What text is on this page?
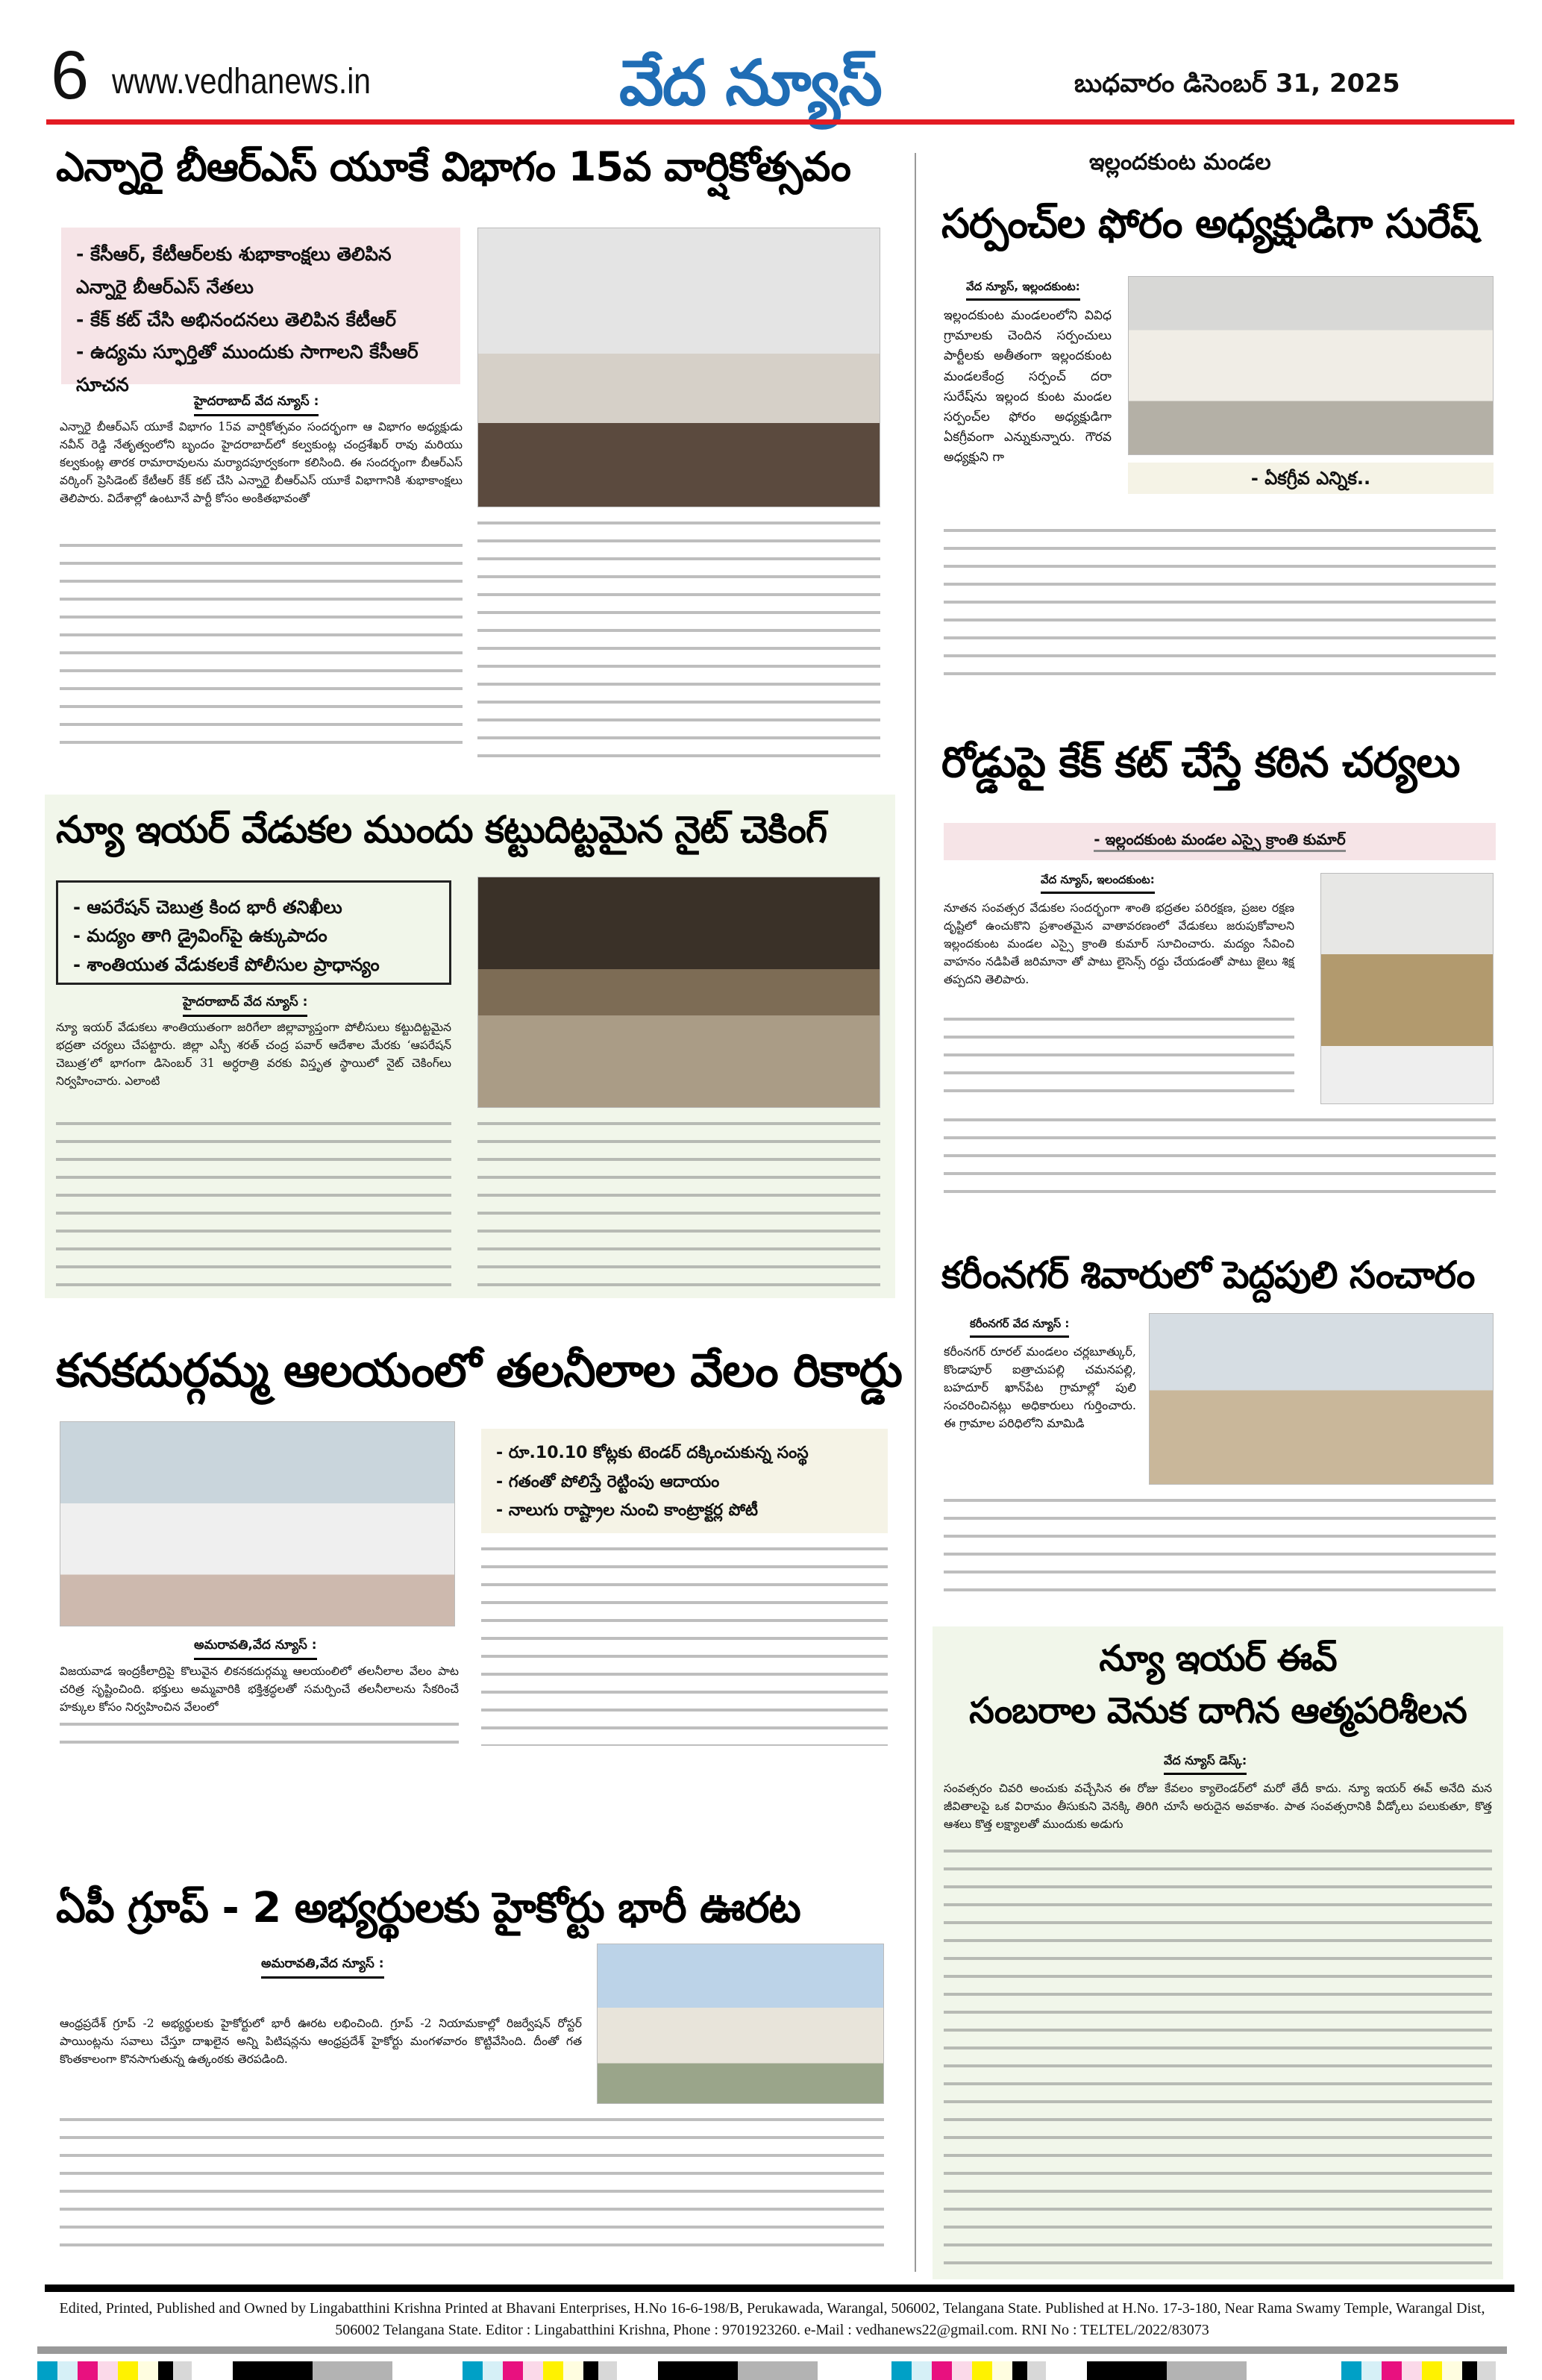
6 www.vedhanews.in	వేద న్యూస్	బుధవారం డిసెంబర్ 31, 2025
ఎన్నారై బీఆర్ఎస్ యూకే విభాగం 15వ వార్షికోత్సవం
- కేసీఆర్, కేటీఆర్‌లకు శుభాకాంక్షలు తెలిపిన ఎన్నారై బీఆర్ఎస్ నేతలు
- కేక్ కట్ చేసి అభినందనలు తెలిపిన కేటీఆర్
- ఉద్యమ స్ఫూర్తితో ముందుకు సాగాలని కేసీఆర్ సూచన
హైదరాబాద్ వేద న్యూస్ :
ఎన్నారై బీఆర్ఎస్ యూకే విభాగం 15వ వార్షికోత్సవం సందర్భంగా ఆ విభాగం అధ్యక్షుడు నవీన్ రెడ్డి నేతృత్వంలోని బృందం హైదరాబాద్‌లో కల్వకుంట్ల చంద్రశేఖర్ రావు మరియు కల్వకుంట్ల తారక రామారావులను మర్యాదపూర్వకంగా కలిసింది. ఈ సందర్భంగా బీఆర్ఎస్ వర్కింగ్ ప్రెసిడెంట్ కేటీఆర్ కేక్ కట్ చేసి ఎన్నారై బీఆర్ఎస్ యూకే విభాగానికి శుభాకాంక్షలు తెలిపారు. విదేశాల్లో ఉంటూనే పార్టీ కోసం అంకితభావంతో
న్యూ ఇయర్ వేడుకల ముందు కట్టుదిట్టమైన నైట్ చెకింగ్
- ఆపరేషన్ చెబుత్ర కింద భారీ తనిఖీలు
- మద్యం తాగి డ్రైవింగ్‌పై ఉక్కుపాదం
- శాంతియుత వేడుకలకే పోలీసుల ప్రాధాన్యం
హైదరాబాద్ వేద న్యూస్ :
న్యూ ఇయర్ వేడుకలు శాంతియుతంగా జరిగేలా జిల్లావ్యాప్తంగా పోలీసులు కట్టుదిట్టమైన భద్రతా చర్యలు చేపట్టారు. జిల్లా ఎస్పీ శరత్ చంద్ర పవార్ ఆదేశాల మేరకు ‘ఆపరేషన్ చెబుత్ర’లో భాగంగా డిసెంబర్ 31 అర్ధరాత్రి వరకు విస్తృత స్థాయిలో నైట్ చెకింగ్‌లు నిర్వహించారు. ఎలాంటి
కనకదుర్గమ్మ ఆలయంలో తలనీలాల వేలం రికార్డు
- రూ.10.10 కోట్లకు టెండర్ దక్కించుకున్న సంస్థ
- గతంతో పోలిస్తే రెట్టింపు ఆదాయం
- నాలుగు రాష్ట్రాల నుంచి కాంట్రాక్టర్ల పోటీ
అమరావతి,వేద న్యూస్ :
విజయవాడ ఇంద్రకీలాద్రిపై కొలువైన లికనకదుర్గమ్మ ఆలయంలిలో తలనీలాల వేలం పాట చరిత్ర సృష్టించింది. భక్తులు అమ్మవారికి భక్తిశ్రద్ధలతో సమర్పించే తలనీలాలను సేకరించే హక్కుల కోసం నిర్వహించిన వేలంలో
ఏపీ గ్రూప్ - 2 అభ్యర్థులకు హైకోర్టు భారీ ఊరట
అమరావతి,వేద న్యూస్ :
ఆంధ్రప్రదేశ్ గ్రూప్ -2 అభ్యర్థులకు హైకోర్టులో భారీ ఊరట లభించింది. గ్రూప్ -2 నియామకాల్లో రిజర్వేషన్ రోస్టర్ పాయింట్లను సవాలు చేస్తూ దాఖలైన అన్ని పిటిషన్లను ఆంధ్రప్రదేశ్ హైకోర్టు మంగళవారం కొట్టివేసింది. దీంతో గత కొంతకాలంగా కొనసాగుతున్న ఉత్కంఠకు తెరపడింది.
ఇల్లందకుంట మండల
సర్పంచ్‌ల ఫోరం అధ్యక్షుడిగా సురేష్
వేద న్యూస్, ఇల్లందకుంట:
ఇల్లందకుంట మండలంలోని వివిధ గ్రామాలకు చెందిన సర్పంచులు పార్టీలకు అతీతంగా ఇల్లందకుంట మండలకేంద్ర సర్పంచ్ దరా సురేష్‌ను ఇల్లంద కుంట మండల సర్పంచ్‌ల ఫోరం అధ్యక్షుడిగా ఏకగ్రీవంగా ఎన్నుకున్నారు. గౌరవ అధ్యక్షుని గా
- ఏకగ్రీవ ఎన్నిక..
రోడ్డుపై కేక్ కట్ చేస్తే కఠిన చర్యలు
- ఇల్లందకుంట మండల ఎస్సై క్రాంతి కుమార్
వేద న్యూస్, ఇలందకుంట:
నూతన సంవత్సర వేడుకల సందర్భంగా శాంతి భద్రతల పరిరక్షణ, ప్రజల రక్షణ దృష్టిలో ఉంచుకొని ప్రశాంతమైన వాతావరణంలో వేడుకలు జరుపుకోవాలని ఇల్లందకుంట మండల ఎస్సై క్రాంతి కుమార్ సూచించారు. మద్యం సేవించి వాహనం నడిపితే జరిమానా తో పాటు లైసెన్స్ రద్దు చేయడంతో పాటు జైలు శిక్ష తప్పదని తెలిపారు.
కరీంనగర్ శివారులో పెద్దపులి సంచారం
కరీంనగర్ వేద న్యూస్ :
కరీంనగర్ రూరల్ మండలం చర్లబూత్కుర్, కొండాపూర్ ఐత్రాచుపల్లి చమనపల్లి, బహదూర్ ఖాన్‌పేట గ్రామాల్లో పులి సంచరించినట్లు అధికారులు గుర్తించారు. ఈ గ్రామాల పరిధిలోని మామిడి
న్యూ ఇయర్ ఈవ్
సంబరాల వెనుక దాగిన ఆత్మపరిశీలన
వేద న్యూస్ డెస్క్:
సంవత్సరం చివరి అంచుకు వచ్చేసిన ఈ రోజు కేవలం క్యాలెండర్‌లో మరో తేదీ కాదు. న్యూ ఇయర్ ఈవ్ అనేది మన జీవితాలపై ఒక విరామం తీసుకుని వెనక్కి తిరిగి చూసే అరుదైన అవకాశం. పాత సంవత్సరానికి వీడ్కోలు పలుకుతూ, కొత్త ఆశలు కొత్త లక్ష్యాలతో ముందుకు అడుగు
Edited, Printed, Published and Owned by Lingabatthini Krishna Printed at Bhavani Enterprises, H.No 16-6-198/B, Perukawada, Warangal, 506002, Telangana State. Published at H.No. 17-3-180, Near Rama Swamy Temple, Warangal Dist, 506002 Telangana State. Editor : Lingabatthini Krishna, Phone : 9701923260. e-Mail : vedhanews22@gmail.com. RNI No : TELTEL/2022/83073
